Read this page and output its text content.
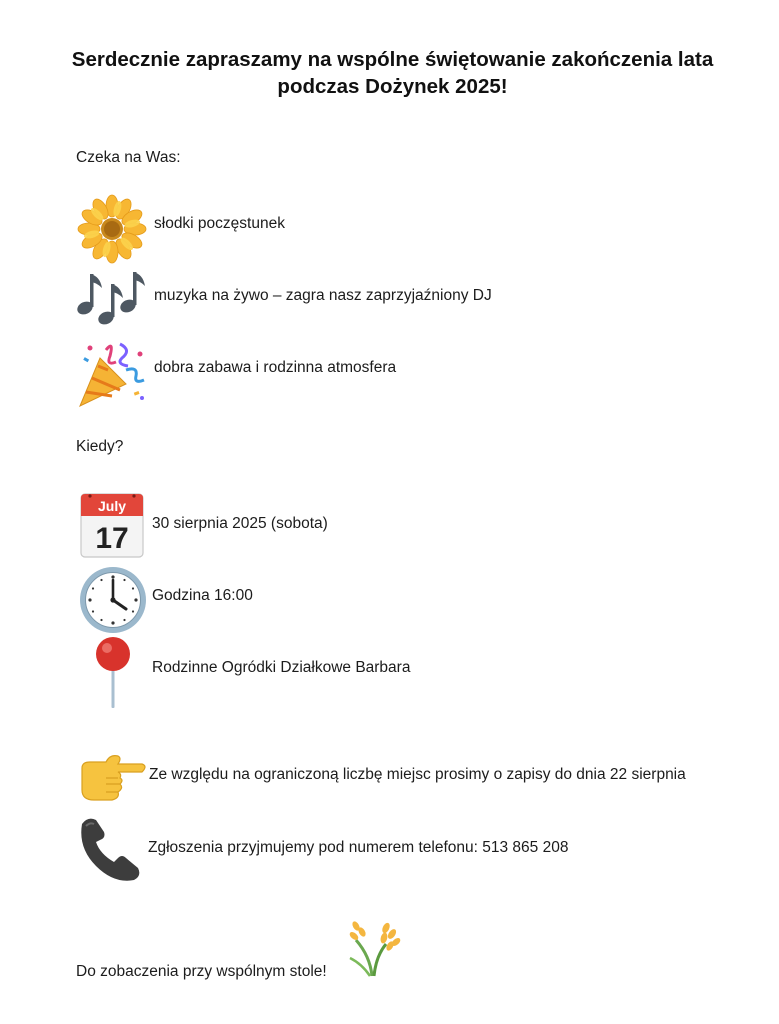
Serdecznie zapraszamy na wspólne świętowanie zakończenia lata podczas Dożynek 2025!
Czeka na Was:
słodki poczęstunek
muzyka na żywo – zagra nasz zaprzyjaźniony DJ
dobra zabawa i rodzinna atmosfera
Kiedy?
July
17 30 sierpnia 2025 (sobota)
Godzina 16:00
Rodzinne Ogródki Działkowe Barbara
Ze względu na ograniczoną liczbę miejsc prosimy o zapisy do dnia 22 sierpnia
Zgłoszenia przyjmujemy pod numerem telefonu: 513 865 208
Do zobaczenia przy wspólnym stole!
